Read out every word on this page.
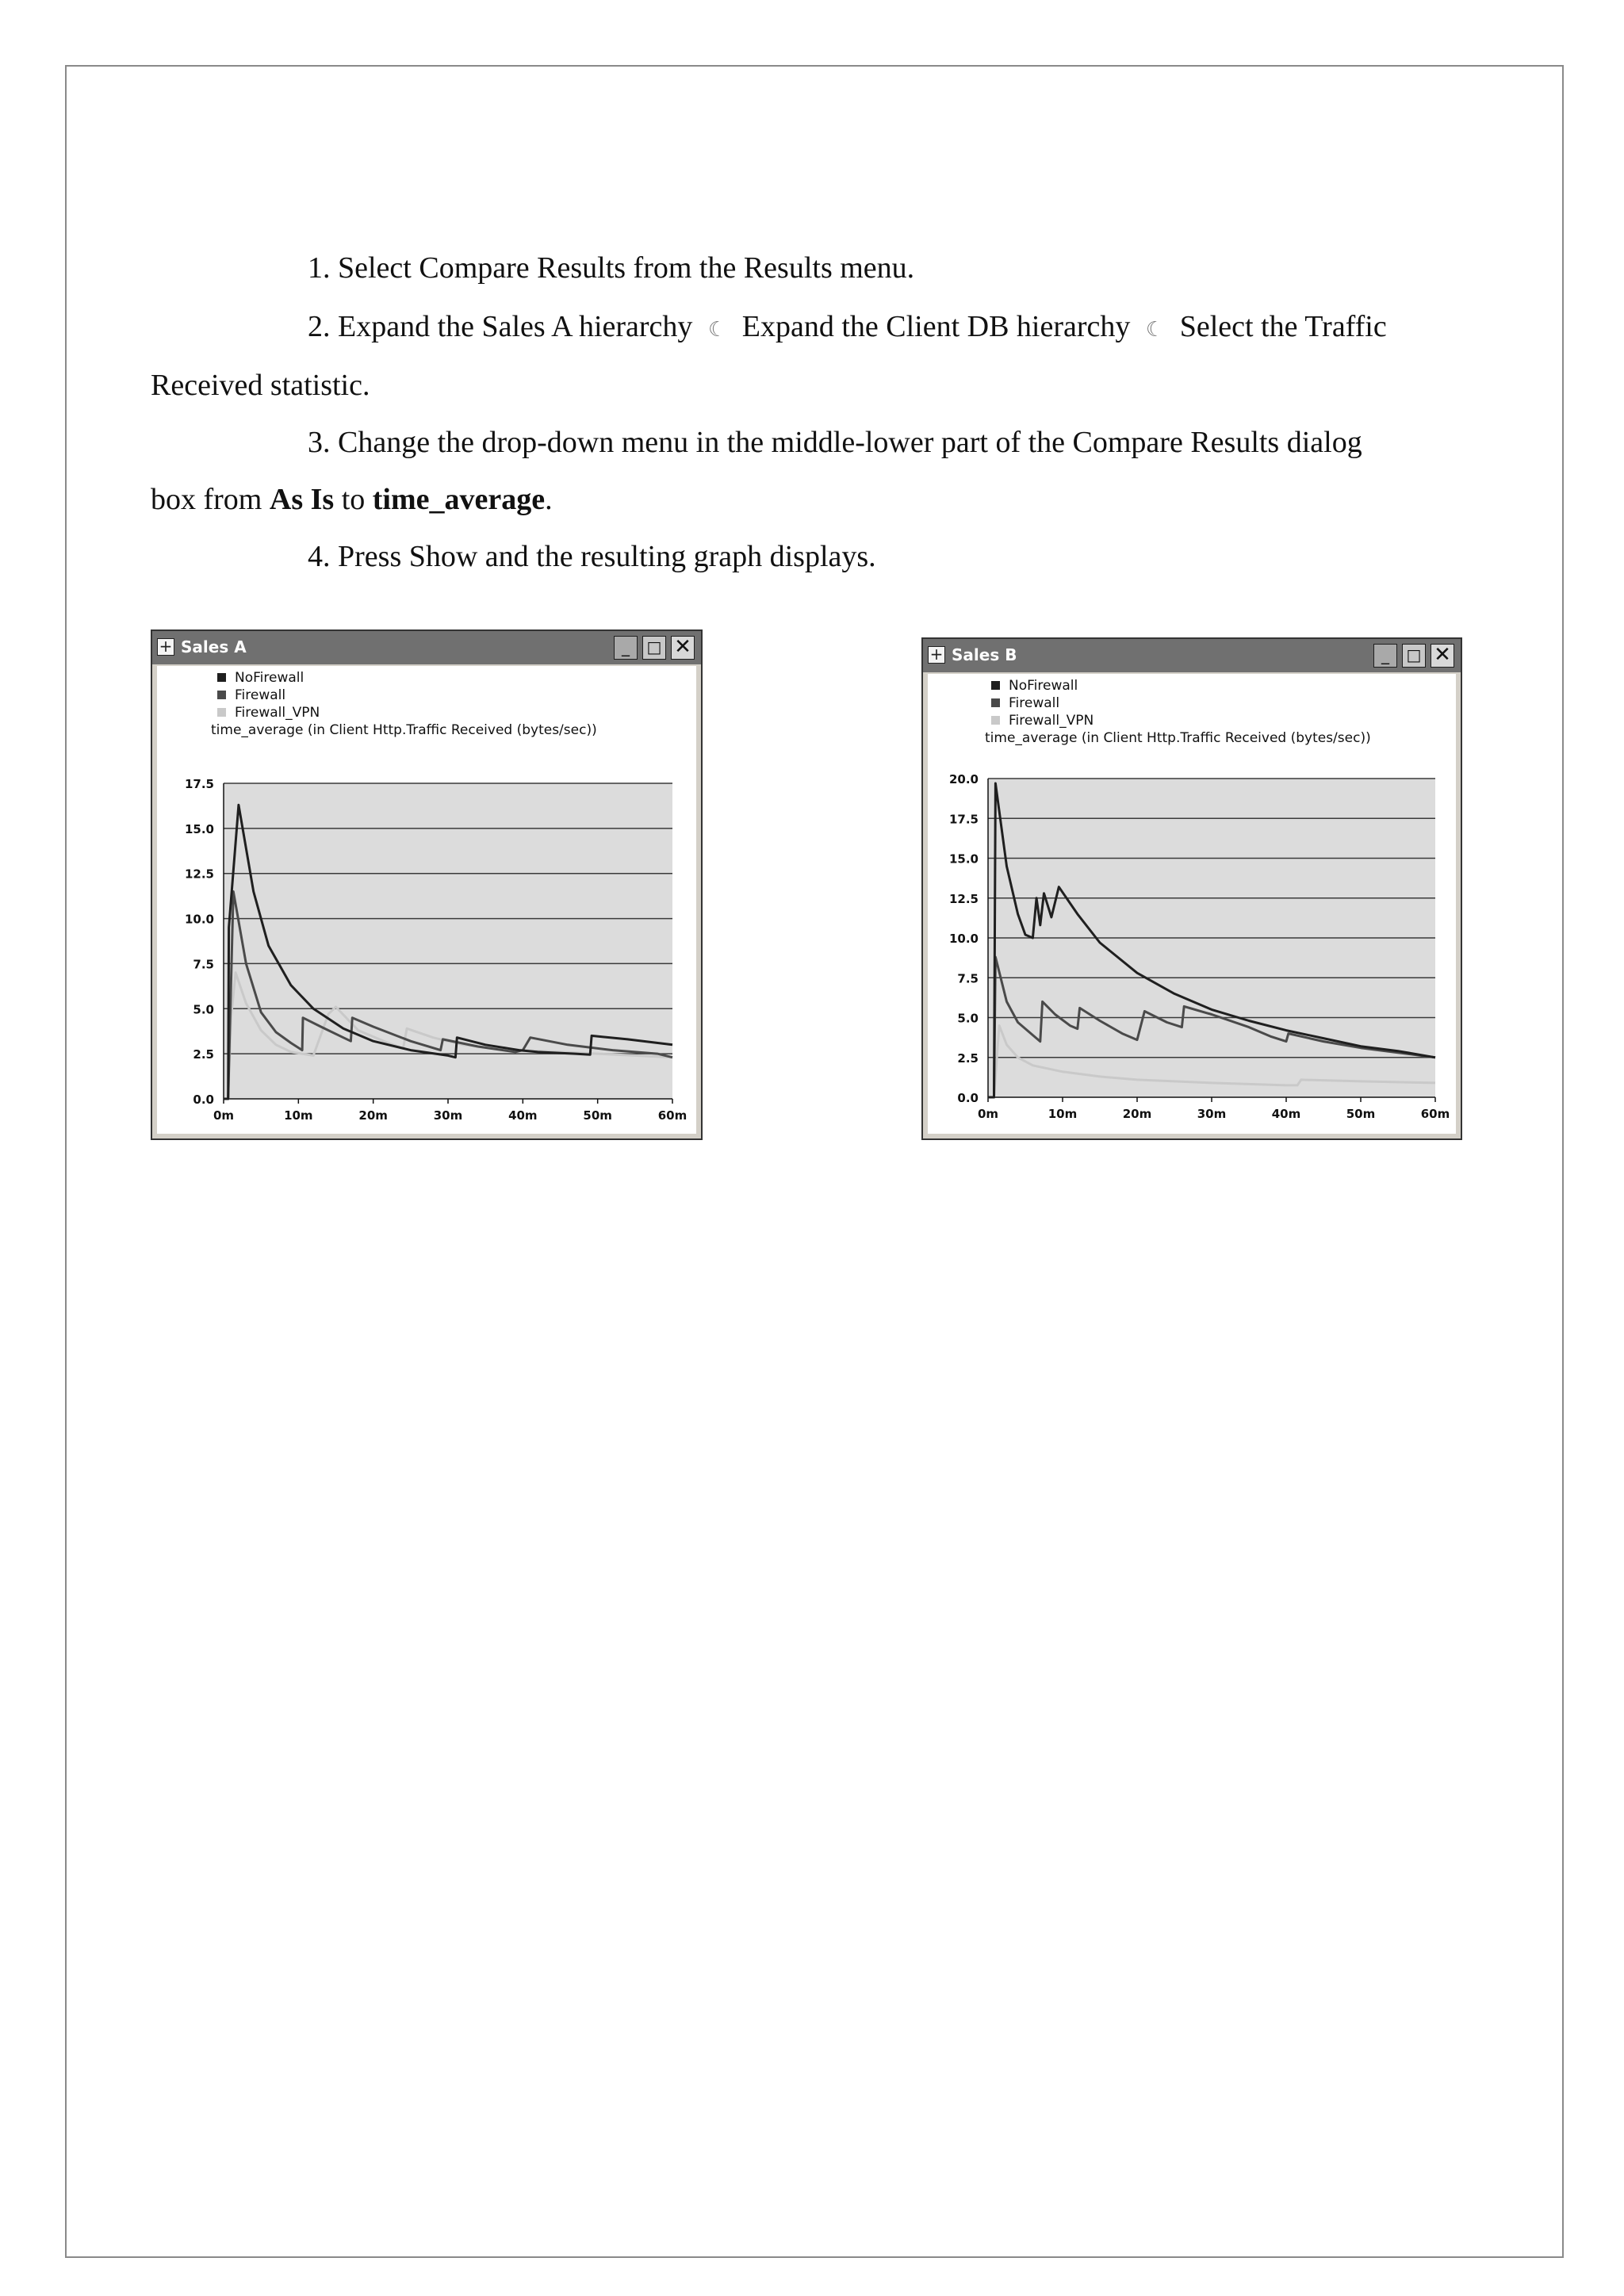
1. Select Compare Results from the Results menu.
2. Expand the Sales A hierarchy ☾ Expand the Client DB hierarchy ☾ Select the Traffic
Received statistic.
3. Change the drop-down menu in the middle-lower part of the Compare Results dialog
box from As Is to time_average.
4. Press Show and the resulting graph displays.
+ Sales A	_	□ ✕
NoFirewall
Firewall
Firewall_VPN
time_average (in Client Http.Traffic Received (bytes/sec))
0.0
2.5
5.0
7.5
10.0
12.5
15.0
17.5
0m	10m	20m	30m	40m	50m	60m
+ Sales B	_	□ ✕
NoFirewall
Firewall
Firewall_VPN
time_average (in Client Http.Traffic Received (bytes/sec))
0.0
2.5
5.0
7.5
10.0
12.5
15.0
17.5
20.0
0m	10m	20m	30m	40m	50m	60m
